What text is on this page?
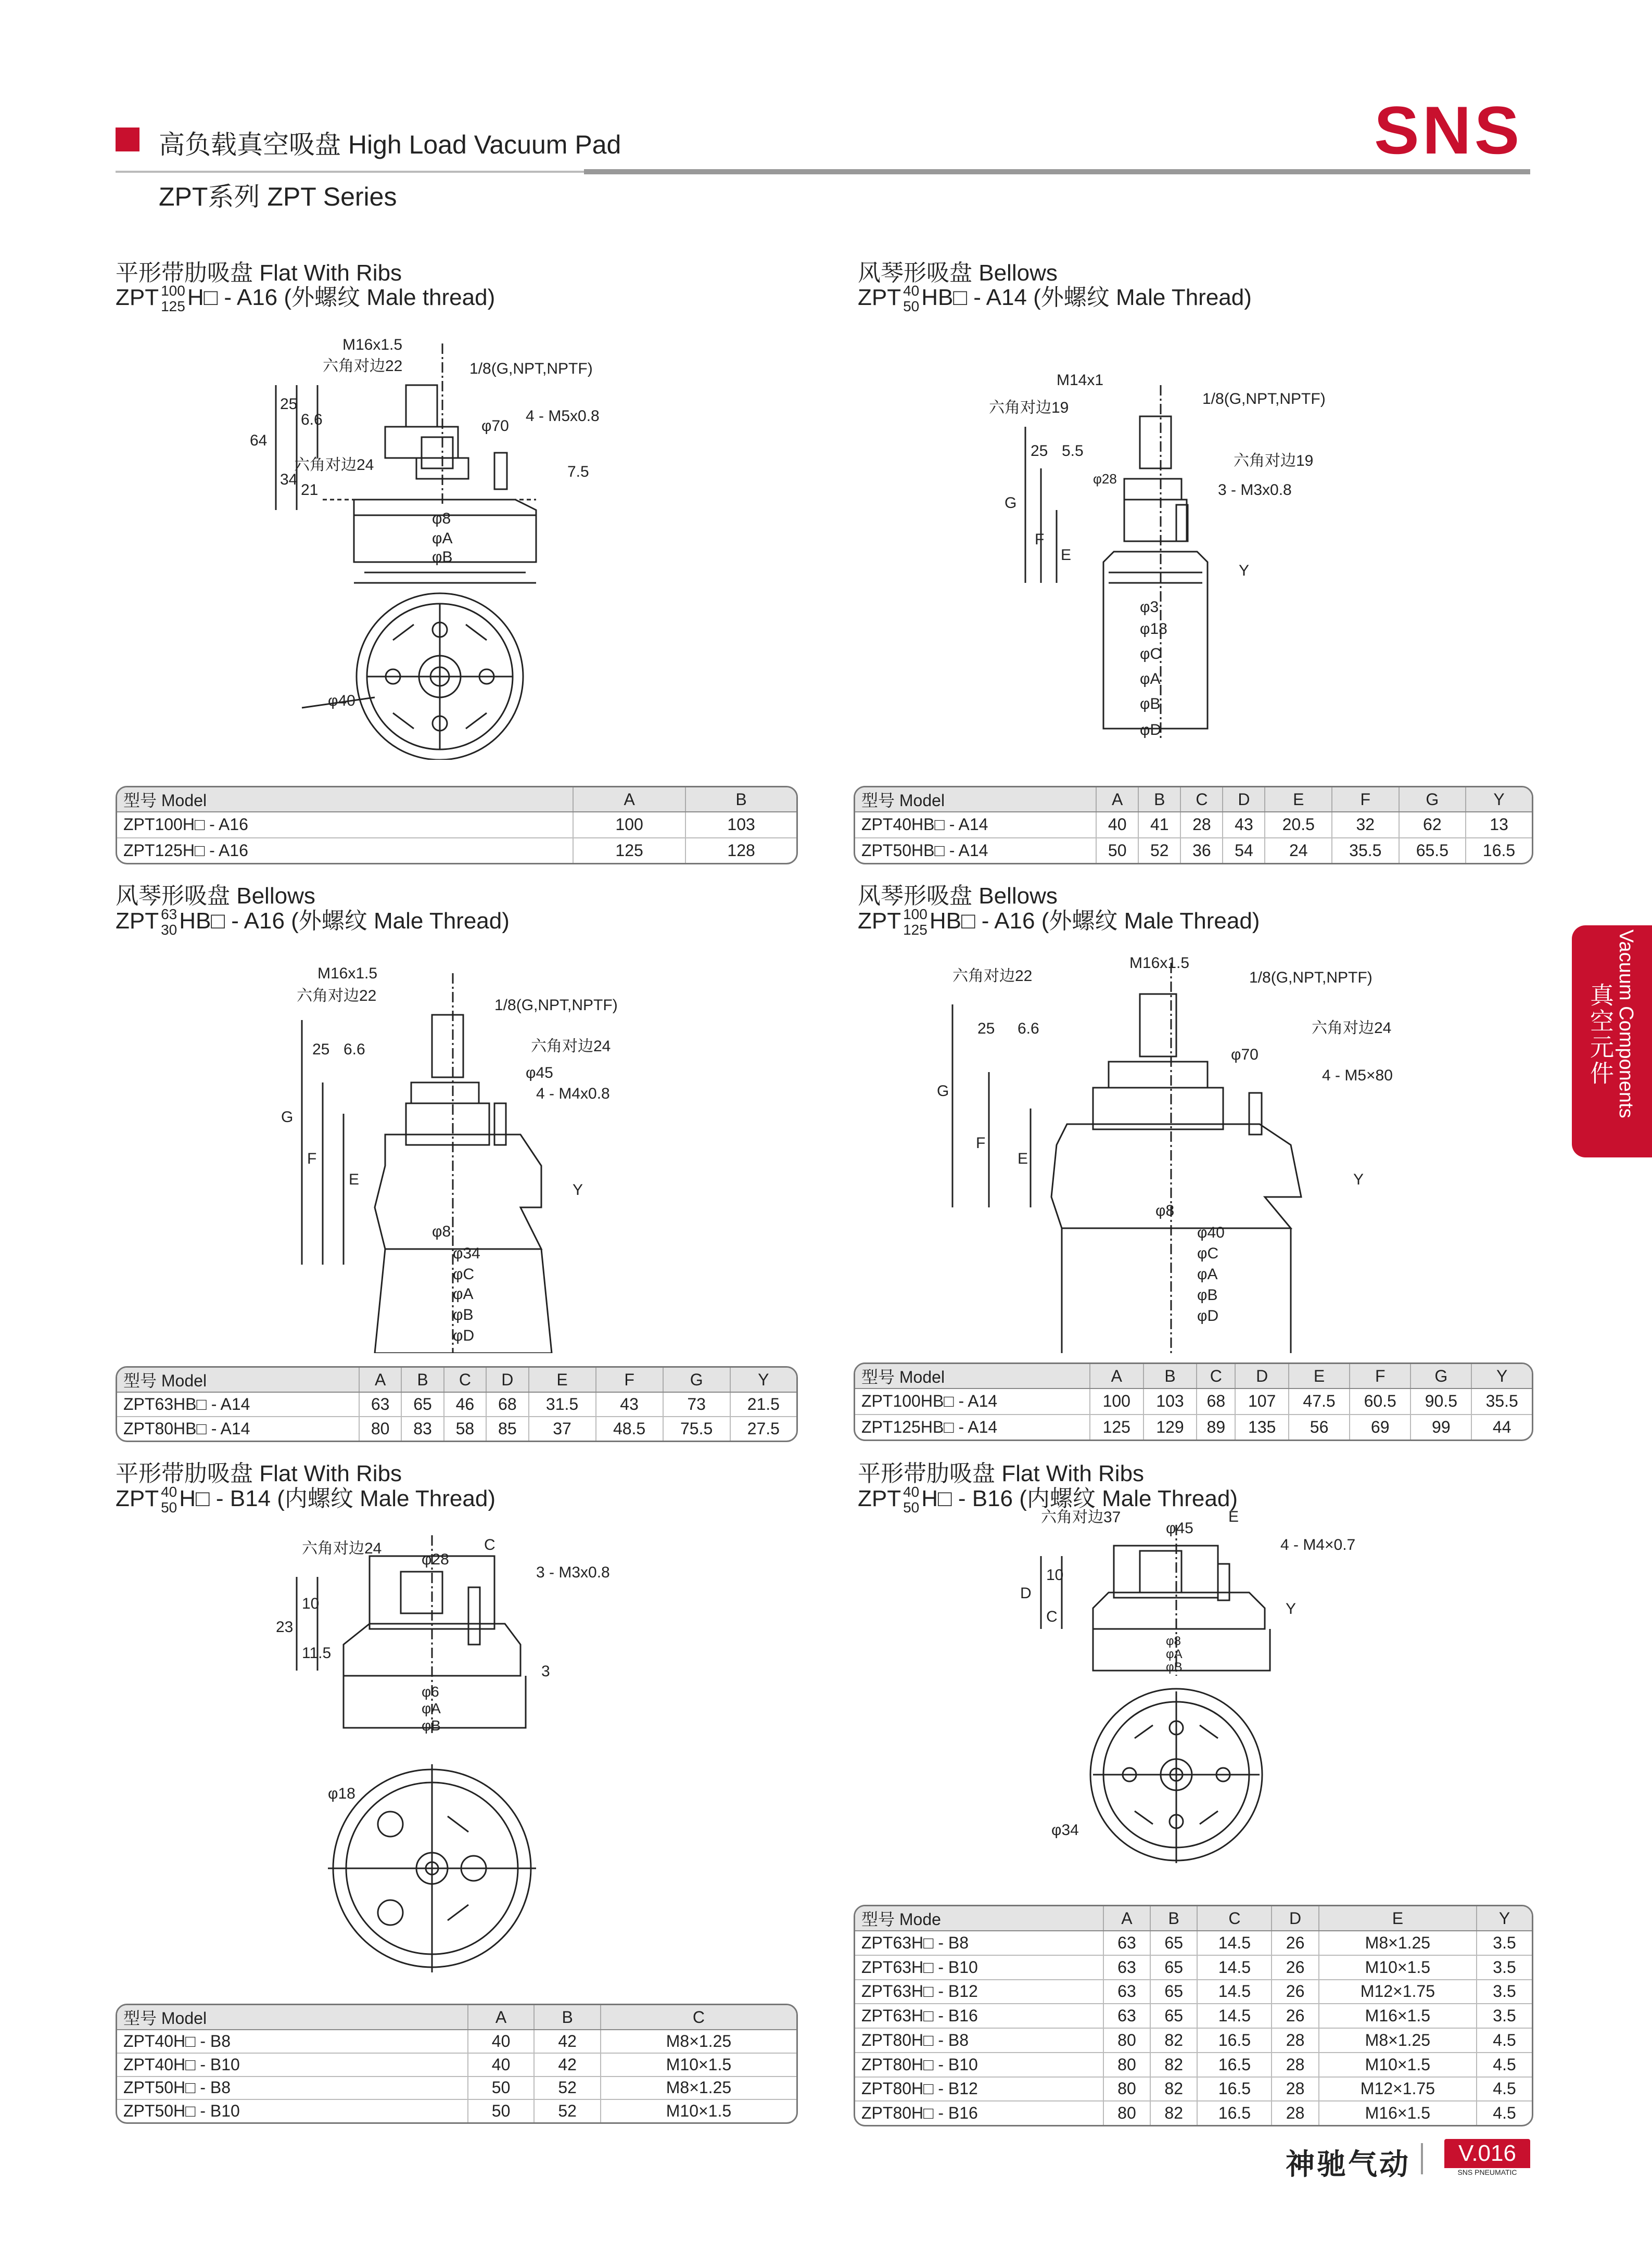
高负载真空吸盘 High Load Vacuum Pad
ZPT系列 ZPT Series
SNS
Vacuum Components
真空元件
平形带肋吸盘 Flat With Ribs
ZPT 100
125 H□ - A16 (外螺纹 Male thread)
M16x1.5
六角对边22	1/8(G,NPT,NPTF)
φ70
4 - M5x0.8
六角对边24
64
25
6.6
34
21
7.5
φ8
φA
φB
φ40
型号 Model	A	B
ZPT100H□ - A16	100	103
ZPT125H□ - A16	125	128
风琴形吸盘 Bellows
ZPT 40
50 HB□ - A14 (外螺纹 Male Thread)
M14x1
六角对边19
1/8(G,NPT,NPTF)
六角对边19
3 - M3x0.8
25 5.5
φ28
G
F
E
Y
φ3
φ18
φC
φA
φB
φD
型号 Model	A	B	C	D	E	F	G	Y
ZPT40HB□ - A14	40	41	28	43	20.5	32	62	13
ZPT50HB□ - A14	50	52	36	54	24	35.5	65.5	16.5
风琴形吸盘 Bellows
ZPT 63
30 HB□ - A16 (外螺纹 Male Thread)
M16x1.5
六角对边22
1/8(G,NPT,NPTF)
六角对边24
φ45
4 - M4x0.8
25 6.6
G
F
E
Y
φ8
φ34
φC
φA
φB
φD
型号 Model	A	B	C	D	E	F	G	Y
ZPT63HB□ - A14	63	65	46	68	31.5	43	73	21.5
ZPT80HB□ - A14	80	83	58	85	37	48.5	75.5	27.5
风琴形吸盘 Bellows
ZPT 100
125 HB□ - A16 (外螺纹 Male Thread)
六角对边22
M16x1.5
1/8(G,NPT,NPTF)
六角对边24
φ70
4 - M5×80
25 6.6
G
F
E
Y
φ8
φ40
φC
φA
φB
φD
型号 Model	A	B	C	D	E	F	G	Y
ZPT100HB□ - A14	100	103	68	107	47.5	60.5	90.5	35.5
ZPT125HB□ - A14	125	129	89	135	56	69	99	44
平形带肋吸盘 Flat With Ribs
ZPT 40
50 H□ - B14 (内螺纹 Male Thread)
六角对边24
φ28
C
3 - M3x0.8
23
10
11.5
3
φ6
φA
φB
φ18
型号 Model	A	B	C
ZPT40H□ - B8	40	42	M8×1.25
ZPT40H□ - B10	40	42	M10×1.5
ZPT50H□ - B8	50	52	M8×1.25
ZPT50H□ - B10	50	52	M10×1.5
平形带肋吸盘 Flat With Ribs
ZPT 40
50 H□ - B16 (内螺纹 Male Thread)
六角对边37	E
φ45
4 - M4×0.7
D
10
C	Y
φ8
φA
φB
φ34
型号 Mode	A	B	C	D	E	Y
ZPT63H□ - B8	63	65	14.5	26	M8×1.25	3.5
ZPT63H□ - B10	63	65	14.5	26	M10×1.5	3.5
ZPT63H□ - B12	63	65	14.5	26	M12×1.75	3.5
ZPT63H□ - B16	63	65	14.5	26	M16×1.5	3.5
ZPT80H□ - B8	80	82	16.5	28	M8×1.25	4.5
ZPT80H□ - B10	80	82	16.5	28	M10×1.5	4.5
ZPT80H□ - B12	80	82	16.5	28	M12×1.75	4.5
ZPT80H□ - B16	80	82	16.5	28	M16×1.5	4.5
神驰气动	V.016
SNS PNEUMATIC
